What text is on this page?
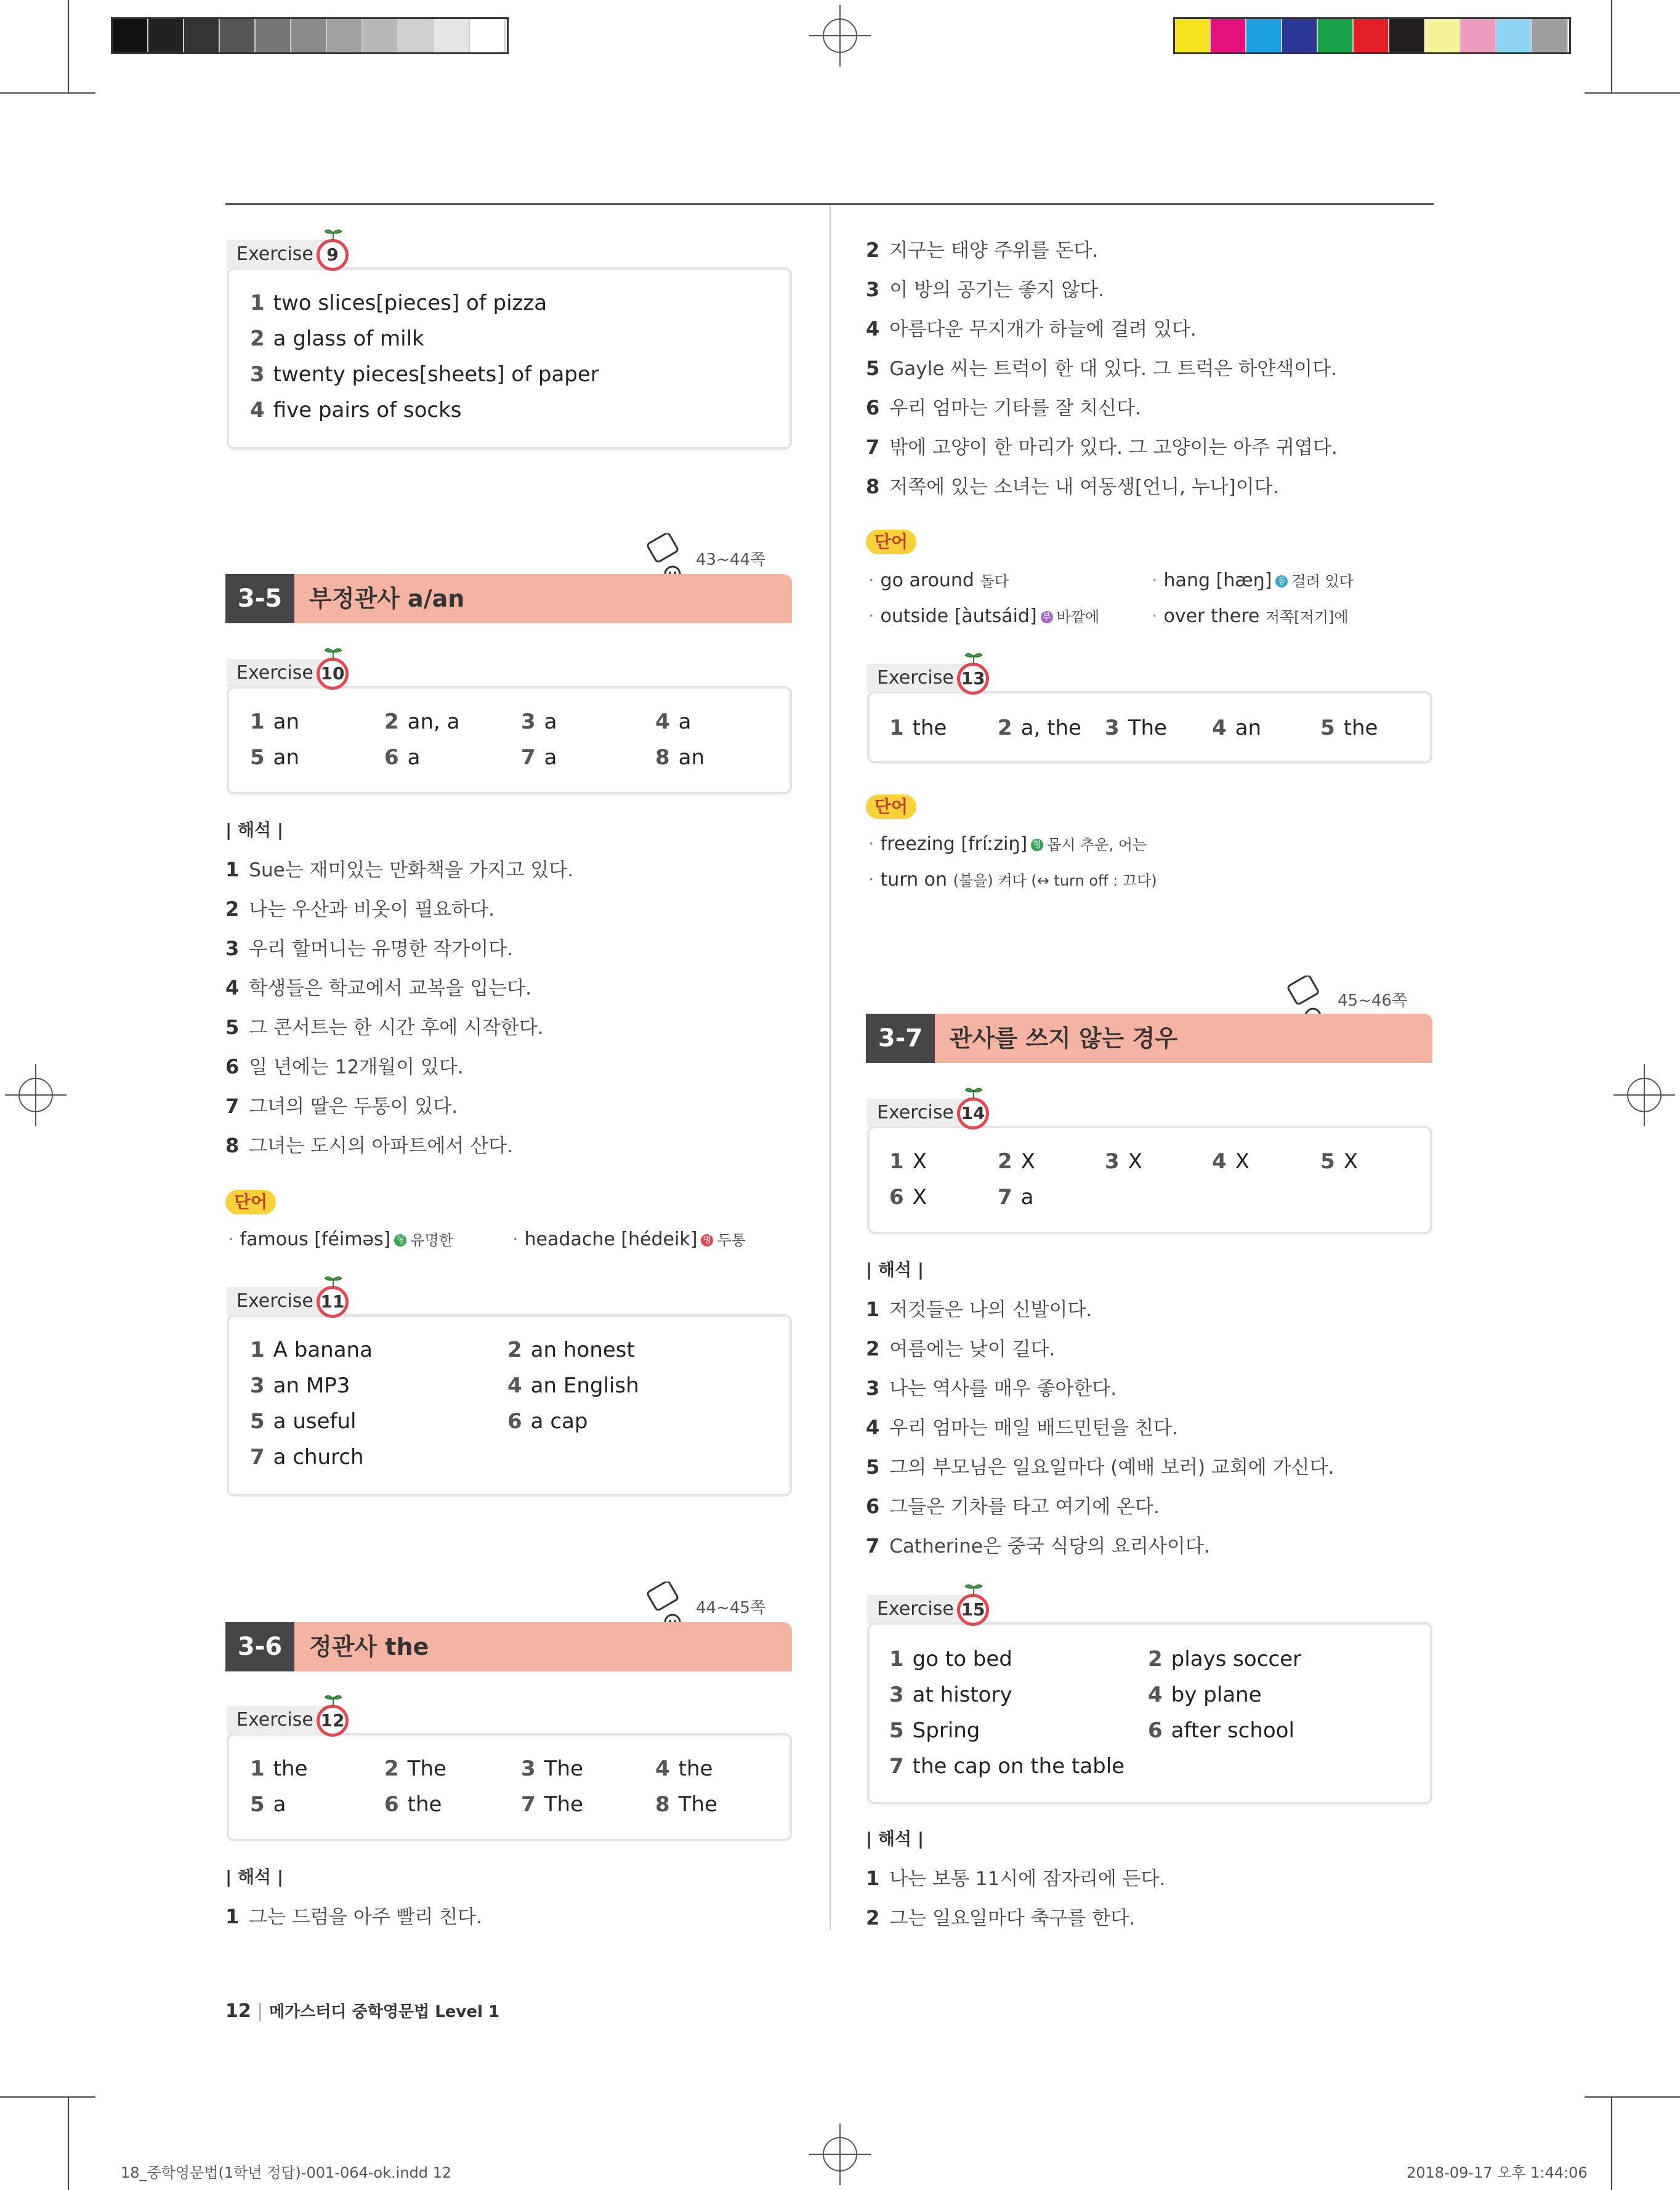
Exercise 9
1 two slices[pieces] of pizza
2 a glass of milk
3 twenty pieces[sheets] of paper
4 five pairs of socks
43~44쪽
3-5	부정관사 a/an
Exercise 10
1 an	2 an, a	3 a	4 a
5 an	6 a	7 a	8 an
| 해석 |
1 Sue는 재미있는 만화책을 가지고 있다.
2 나는 우산과 비옷이 필요하다.
3 우리 할머니는 유명한 작가이다.
4 학생들은 학교에서 교복을 입는다.
5 그 콘서트는 한 시간 후에 시작한다.
6 일 년에는 12개월이 있다.
7 그녀의 딸은 두통이 있다.
8 그녀는 도시의 아파트에서 산다.
단어
· famous [féiməs] 형 유명한	· headache [hédeik] 명 두통
Exercise 11
1 A banana	2 an honest
3 an MP3	4 an English
5 a useful	6 a cap
7 a church
44~45쪽
3-6	정관사 the
Exercise 12
1 the	2 The	3 The	4 the
5 a	6 the	7 The	8 The
| 해석 |
1 그는 드럼을 아주 빨리 친다.
12 | 메가스터디 중학영문법 Level 1
2 지구는 태양 주위를 돈다.
3 이 방의 공기는 좋지 않다.
4 아름다운 무지개가 하늘에 걸려 있다.
5 Gayle 씨는 트럭이 한 대 있다. 그 트럭은 하얀색이다.
6 우리 엄마는 기타를 잘 치신다.
7 밖에 고양이 한 마리가 있다. 그 고양이는 아주 귀엽다.
8 저쪽에 있는 소녀는 내 여동생[언니, 누나]이다.
단어
· go around 돌다	· hang [hæŋ] 동 걸려 있다
· outside [àutsáid] 부 바깥에	· over there 저쪽[저기]에
Exercise 13
1 the 2 a, the 3 The 4 an	5 the
단어
· freezing [fríːziŋ] 형 몹시 추운, 어는
· turn on (불을) 켜다 (↔ turn off : 끄다)
45~46쪽
3-7	관사를 쓰지 않는 경우
Exercise 14
1 X	2 X	3 X	4 X	5 X
6 X	7 a
| 해석 |
1 저것들은 나의 신발이다.
2 여름에는 낮이 길다.
3 나는 역사를 매우 좋아한다.
4 우리 엄마는 매일 배드민턴을 친다.
5 그의 부모님은 일요일마다 (예배 보러) 교회에 가신다.
6 그들은 기차를 타고 여기에 온다.
7 Catherine은 중국 식당의 요리사이다.
Exercise 15
1 go to bed	2 plays soccer
3 at history	4 by plane
5 Spring	6 after school
7 the cap on the table
| 해석 |
1 나는 보통 11시에 잠자리에 든다.
2 그는 일요일마다 축구를 한다.
18_중학영문법(1학년 정답)-001-064-ok.indd 12	2018-09-17 오후 1:44:06
